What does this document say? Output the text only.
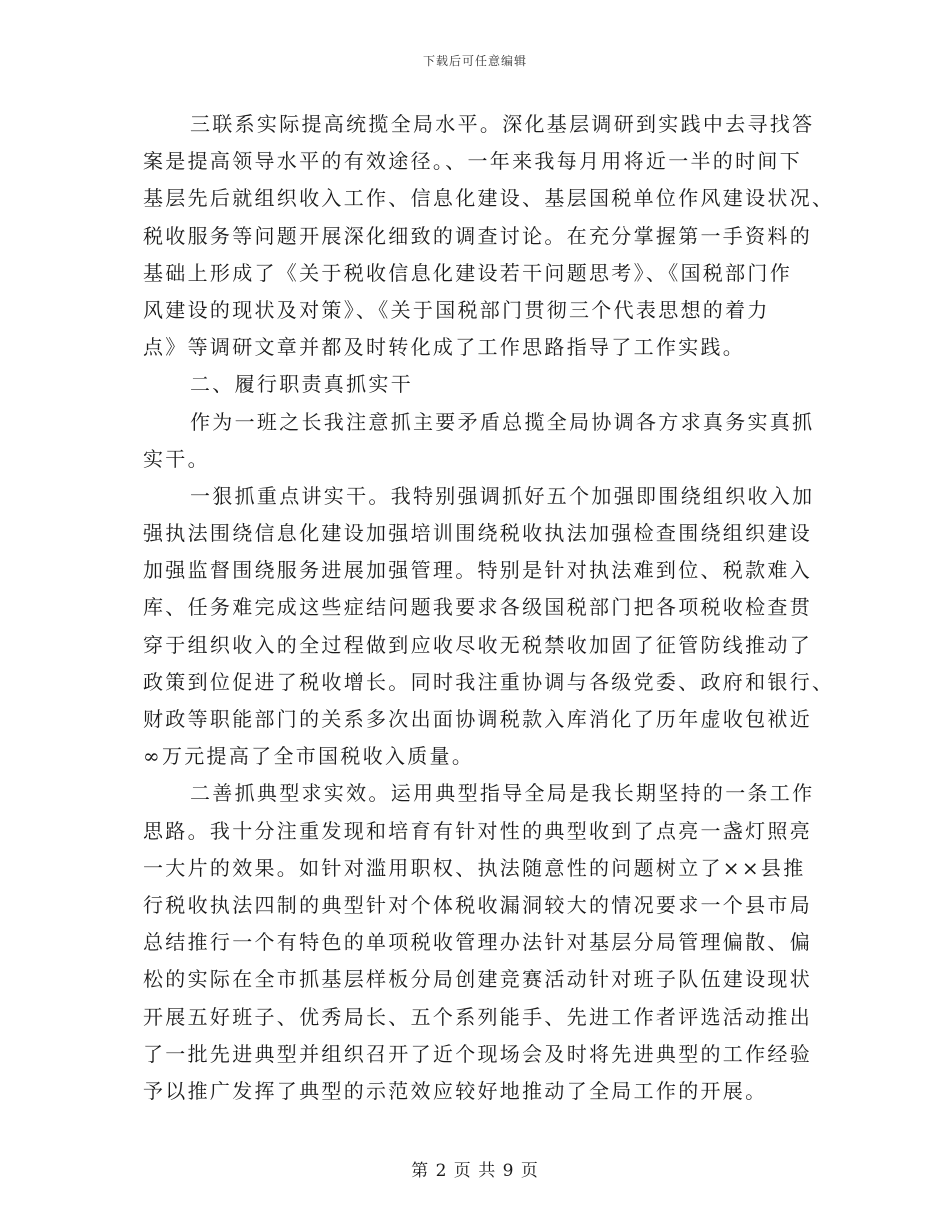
下载后可任意编辑
三联系实际提高统揽全局水平。深化基层调研到实践中去寻找答
案是提高领导水平的有效途径。、一年来我每月用将近一半的时间下
基层先后就组织收入工作、信息化建设、基层国税单位作风建设状况、
税收服务等问题开展深化细致的调查讨论。在充分掌握第一手资料的
基础上形成了《关于税收信息化建设若干问题思考》、《国税部门作
风建设的现状及对策》、《关于国税部门贯彻三个代表思想的着力
点》等调研文章并都及时转化成了工作思路指导了工作实践。
二、履行职责真抓实干
作为一班之长我注意抓主要矛盾总揽全局协调各方求真务实真抓
实干。
一狠抓重点讲实干。我特别强调抓好五个加强即围绕组织收入加
强执法围绕信息化建设加强培训围绕税收执法加强检查围绕组织建设
加强监督围绕服务进展加强管理。特别是针对执法难到位、税款难入
库、任务难完成这些症结问题我要求各级国税部门把各项税收检查贯
穿于组织收入的全过程做到应收尽收无税禁收加固了征管防线推动了
政策到位促进了税收增长。同时我注重协调与各级党委、政府和银行、
财政等职能部门的关系多次出面协调税款入库消化了历年虚收包袱近
∞万元提高了全市国税收入质量。
二善抓典型求实效。运用典型指导全局是我长期坚持的一条工作
思路。我十分注重发现和培育有针对性的典型收到了点亮一盏灯照亮
一大片的效果。如针对滥用职权、执法随意性的问题树立了××县推
行税收执法四制的典型针对个体税收漏洞较大的情况要求一个县市局
总结推行一个有特色的单项税收管理办法针对基层分局管理偏散、偏
松的实际在全市抓基层样板分局创建竞赛活动针对班子队伍建设现状
开展五好班子、优秀局长、五个系列能手、先进工作者评选活动推出
了一批先进典型并组织召开了近个现场会及时将先进典型的工作经验
予以推广发挥了典型的示范效应较好地推动了全局工作的开展。
第 2 页 共 9 页
